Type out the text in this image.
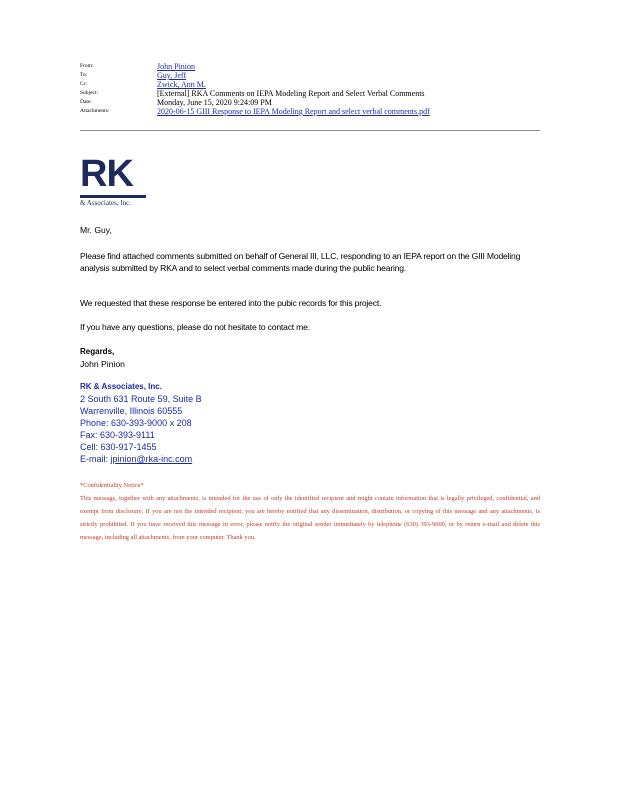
From:	John Pinion
To:	Guy, Jeff
Cc:	Zwick, Ann M.
Subject:	[External] RKA Comments on IEPA Modeling Report and Select Verbal Comments
Date:	Monday, June 15, 2020 9:24:09 PM
Attachments:	2020-06-15 GIII Response to IEPA Modeling Report and select verbal comments.pdf
RK
& Associates, Inc.

Mr. Guy,

Please find attached comments submitted on behalf of General III, LLC, responding to an IEPA report on the GIII Modeling analysis submitted by RKA and to select verbal comments made during the public hearing.

We requested that these response be entered into the pubic records for this project.

If you have any questions, please do not hesitate to contact me.

Regards,

John Pinion

RK & Associates, Inc.
2 South 631 Route 59, Suite B
Warrenville, Illinois 60555
Phone: 630-393-9000 x 208
Fax: 630-393-9111
Cell: 630-917-1455
E-mail: jpinion@rka-inc.com
*Confidentiality Notice*
This message, together with any attachments, is intended for the use of only the identified recipient and might contain information that is legally privileged, confidential, and exempt from disclosure. If you are not the intended recipient, you are hereby notified that any dissemination, distribution, or copying of this message and any attachments, is strictly prohibited. If you have received this message in error, please notify the original sender immediately by telephone (630) 393-9000, or by return e-mail and delete this message, including all attachments, from your computer. Thank you.
